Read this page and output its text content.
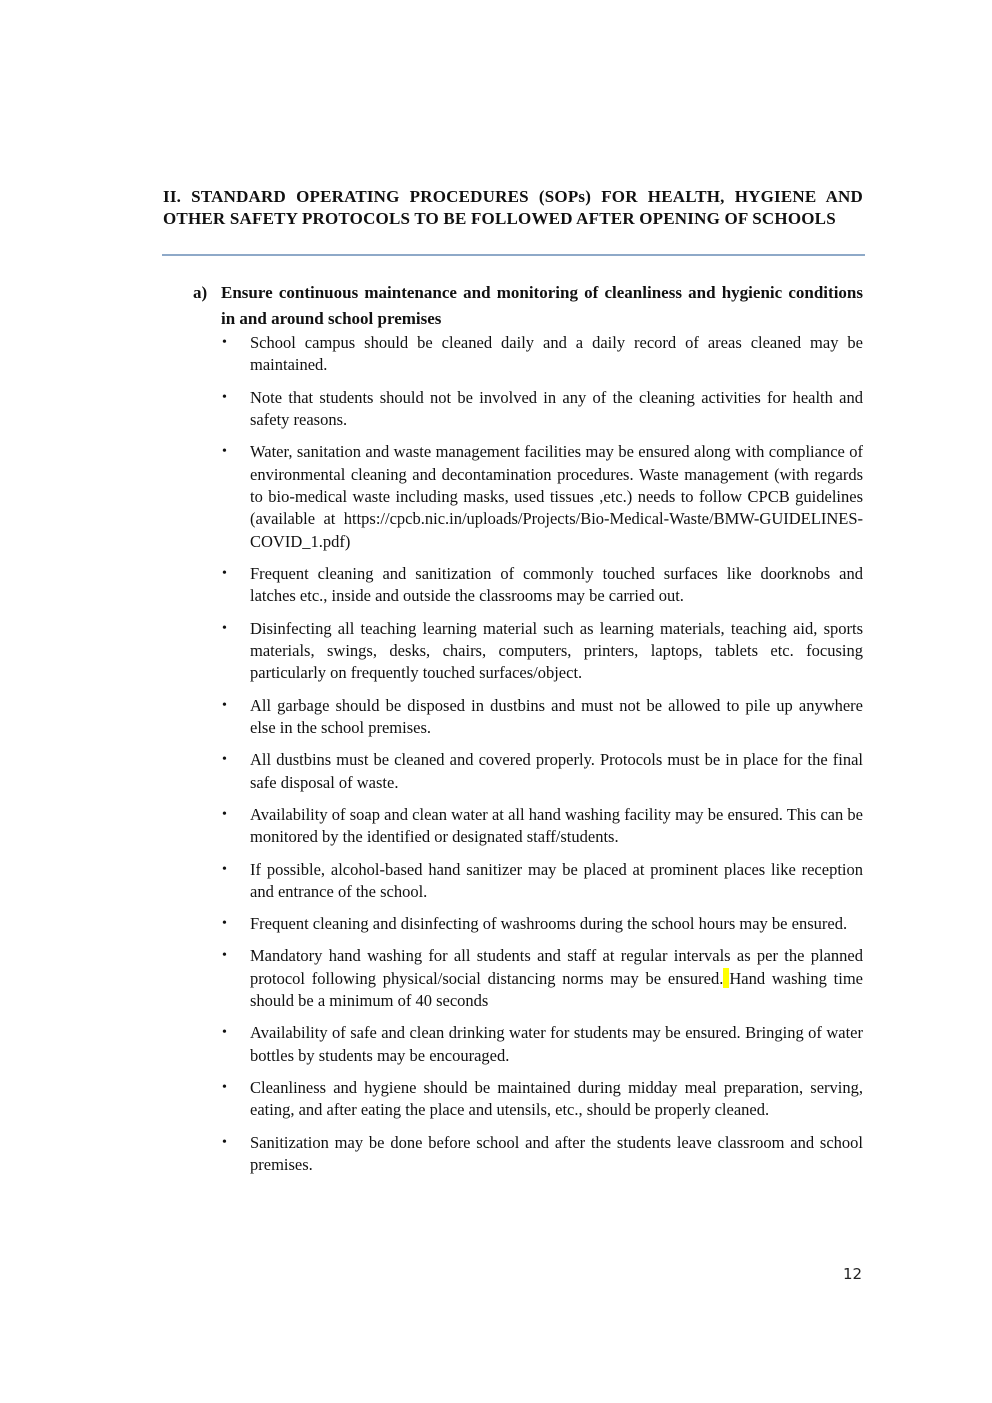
II. STANDARD OPERATING PROCEDURES (SOPs) FOR HEALTH, HYGIENE AND OTHER SAFETY PROTOCOLS TO BE FOLLOWED AFTER OPENING OF SCHOOLS
a) Ensure continuous maintenance and monitoring of cleanliness and hygienic conditions in and around school premises
•	School campus should be cleaned daily and a daily record of areas cleaned may be maintained.
•	Note that students should not be involved in any of the cleaning activities for health and safety reasons.
•	Water, sanitation and waste management facilities may be ensured along with compliance of environmental cleaning and decontamination procedures. Waste management (with regards to bio-medical waste including masks, used tissues ,etc.) needs to follow CPCB guidelines (available at https://cpcb.nic.in/uploads/Projects/Bio-Medical-Waste/BMW-GUIDELINES-COVID_1.pdf)
•	Frequent cleaning and sanitization of commonly touched surfaces like doorknobs and latches etc., inside and outside the classrooms may be carried out.
•	Disinfecting all teaching learning material such as learning materials, teaching aid, sports materials, swings, desks, chairs, computers, printers, laptops, tablets etc. focusing particularly on frequently touched surfaces/object.
•	All garbage should be disposed in dustbins and must not be allowed to pile up anywhere else in the school premises.
•	All dustbins must be cleaned and covered properly. Protocols must be in place for the final safe disposal of waste.
•	Availability of soap and clean water at all hand washing facility may be ensured. This can be monitored by the identified or designated staff/students.
•	If possible, alcohol-based hand sanitizer may be placed at prominent places like reception and entrance of the school.
•	Frequent cleaning and disinfecting of washrooms during the school hours may be ensured.
•	Mandatory hand washing for all students and staff at regular intervals as per the planned protocol following physical/social distancing norms may be ensured. Hand washing time should be a minimum of 40 seconds
•	Availability of safe and clean drinking water for students may be ensured. Bringing of water bottles by students may be encouraged.
•	Cleanliness and hygiene should be maintained during midday meal preparation, serving, eating, and after eating the place and utensils, etc., should be properly cleaned.
•	Sanitization may be done before school and after the students leave classroom and school premises.
12
